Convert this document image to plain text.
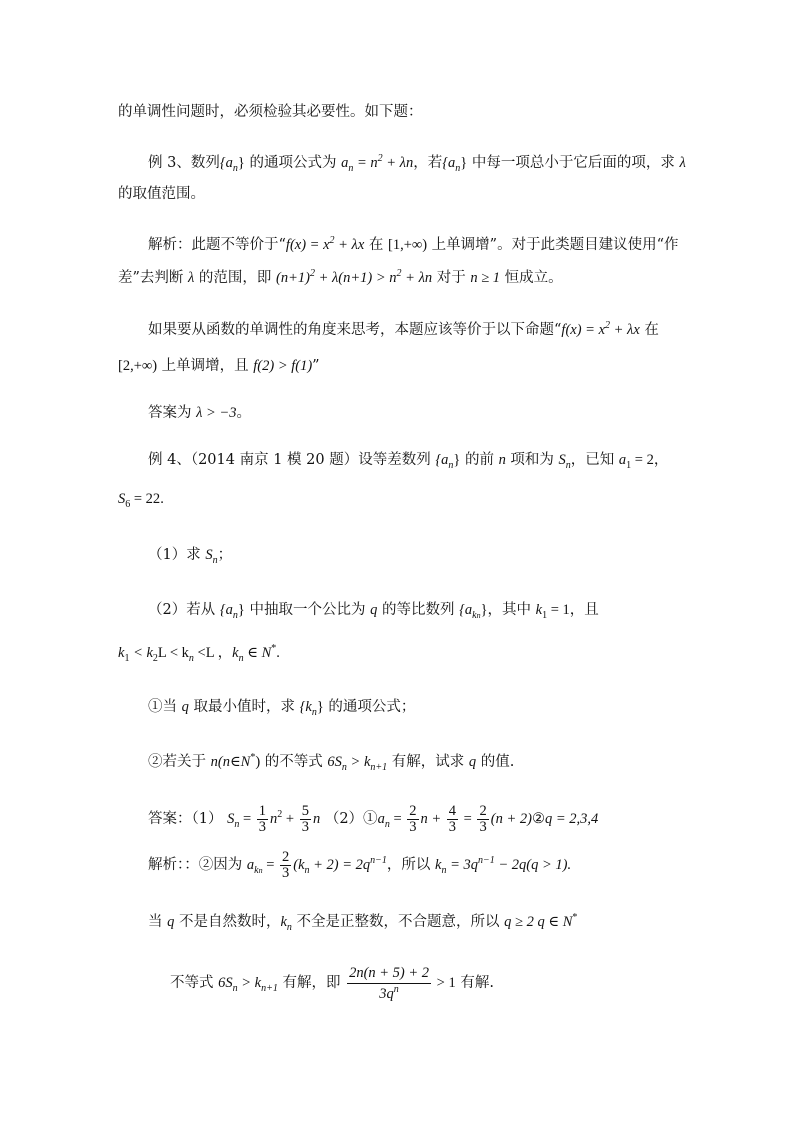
的单调性问题时，必须检验其必要性。如下题：
例 3、数列$\{a_n\}$ 的通项公式为 $a_n = n^2 + \lambda n$，若$\{a_n\}$ 中每一项总小于它后面的项，求 λ
的取值范围。
解析：此题不等价于“$f(x) = x^2 + \lambda x$ 在 [1,+∞) 上单调增”。对于此类题目建议使用“作
差”去判断 λ 的范围，即 $(n+1)^2 + \lambda(n+1) > n^2 + \lambda n$ 对于 n ≥ 1 恒成立。
如果要从函数的单调性的角度来思考，本题应该等价于以下命题“$f(x) = x^2 + \lambda x$ 在
[2,+∞) 上单调增，且 f(2) > f(1)”
答案为 λ > −3。
例 4、（2014 南京 1 模 20 题）设等差数列 $\{a_n\}$ 的前 n 项和为 $S_n$，已知 $a_1 = 2$，
$S_6 = 22$.
（1）求 $S_n$；
（2）若从 $\{a_n\}$ 中抽取一个公比为 q 的等比数列 $\{a_{kn}\}$，其中 $k_1 = 1$，且
$k_1 < k_2L < k_n <L$ ，$k_n$ ∈ N*.
①当 q 取最小值时，求 $\{k_n\}$ 的通项公式；
②若关于 n(n∈N*) 的不等式 $6S_n > k_{n+1}$ 有解，试求 q 的值.
答案：（1） $S_n = \frac{1}{3} n^2 + \frac{5}{3}$ n $(2)①a_n = \frac{2}{3}$ $n + \frac{4}{3} = \frac{2}{3} (n$ + 2)②q = 2,3,4
解析：：②因为 $a_{kn} = \frac{2}{3} (k_n + 2) = 2q^{n-1}$，所以 $k_n = 3q^{n-1} - 2q(q > 1)$.
当 q 不是自然数时，$k_n$ 不全是正整数，不合题意，所以 q ≥ 2 q ∈ N*
不等式 $6S_n > k_{n+1}$ 有解，即 $\frac{2n(n + 5) + 2}{3q^n} > 1$ 有解.
